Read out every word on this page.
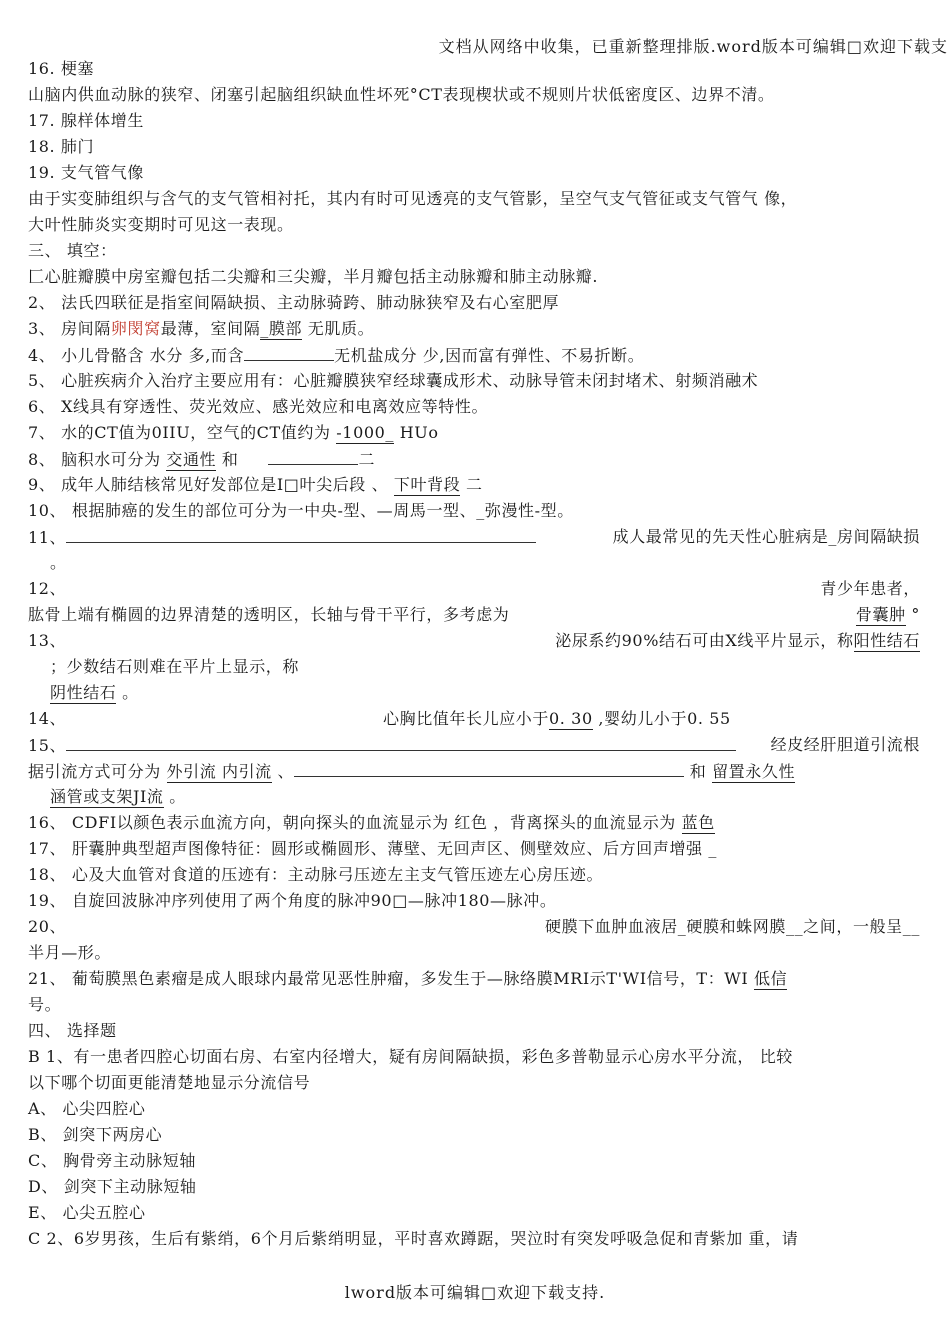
文档从网络中收集，已重新整理排版.word版本可编辑□欢迎下载支
16. 梗塞
山脑内供血动脉的狭窄、闭塞引起脑组织缺血性坏死°CT表现楔状或不规则片状低密度区、边界不清。
17. 腺样体增生
18. 肺门
19. 支气管气像
由于实变肺组织与含气的支气管相衬托，其内有时可见透亮的支气管影，呈空气支气管征或支气管气 像，
大叶性肺炎实变期时可见这一表现。
三、 填空：
匚心脏瓣膜中房室瓣包括二尖瓣和三尖瓣，半月瓣包括主动脉瓣和肺主动脉瓣.
2、 法氏四联征是指室间隔缺损、主动脉骑跨、肺动脉狭窄及右心室肥厚
3、 房间隔卵閔窝最薄，室间隔_膜部 无肌质。
4、 小儿骨骼含 水分 多,而含	无机盐成分 少,因而富有弹性、不易折断。
5、 心脏疾病介入治疗主要应用有：心脏瓣膜狭窄经球囊成形术、动脉导管未闭封堵术、射频消融术
6、 X线具有穿透性、荧光效应、感光效应和电离效应等特性。
7、 水的CT值为0IIU，空气的CT值约为 -1000_ HUo
8、 脑积水可分为 交通性 和	二
9、 成年人肺结核常见好发部位是I□叶尖后段 、 下叶背段 二
10、 根据肺癌的发生的部位可分为一中央-型、—周馬一型、_弥漫性-型。
11、	成人最常见的先天性心脏病是_房间隔缺损
。
12、	青少年患者，
肱骨上端有椭圆的边界清楚的透明区，长轴与骨干平行，多考虑为	骨囊肿 °
13、	泌尿系约90%结石可由X线平片显示，称阳性结石
；少数结石则难在平片上显示，称
阴性结石 。
14、	心胸比值年长儿应小于0. 30 ,婴幼儿小于0. 55
15、	经皮经肝胆道引流根
据引流方式可分为 外引流 内引流 、	和 留置永久性
涵管或支架JI流 。
16、 CDFI以颜色表示血流方向，朝向探头的血流显示为 红色 ，背离探头的血流显示为 蓝色
17、 肝囊肿典型超声图像特征：圆形或椭圆形、薄壁、无回声区、侧壁效应、后方回声增强 _
18、 心及大血管对食道的压迹有：主动脉弓压迹左主支气管压迹左心房压迹。
19、 自旋回波脉冲序列使用了两个角度的脉冲90□—脉冲180—脉冲。
20、	硬膜下血肿血液居_硬膜和蛛网膜__之间，一般呈__
半月—形。
21、 葡萄膜黑色素瘤是成人眼球内最常见恶性肿瘤，多发生于—脉络膜MRI示T'WI信号，T：WI 低信
号。
四、 选择题
B 1、有一患者四腔心切面右房、右室内径增大，疑有房间隔缺损，彩色多普勒显示心房水平分流， 比较
以下哪个切面更能清楚地显示分流信号
A、 心尖四腔心
B、 剑突下两房心
C、 胸骨旁主动脉短轴
D、 剑突下主动脉短轴
E、 心尖五腔心
C 2、6岁男孩，生后有紫绡，6个月后紫绡明显，平时喜欢蹲踞，哭泣时有突发呼吸急促和青紫加 重，请
lword版本可编辑□欢迎下载支持.
